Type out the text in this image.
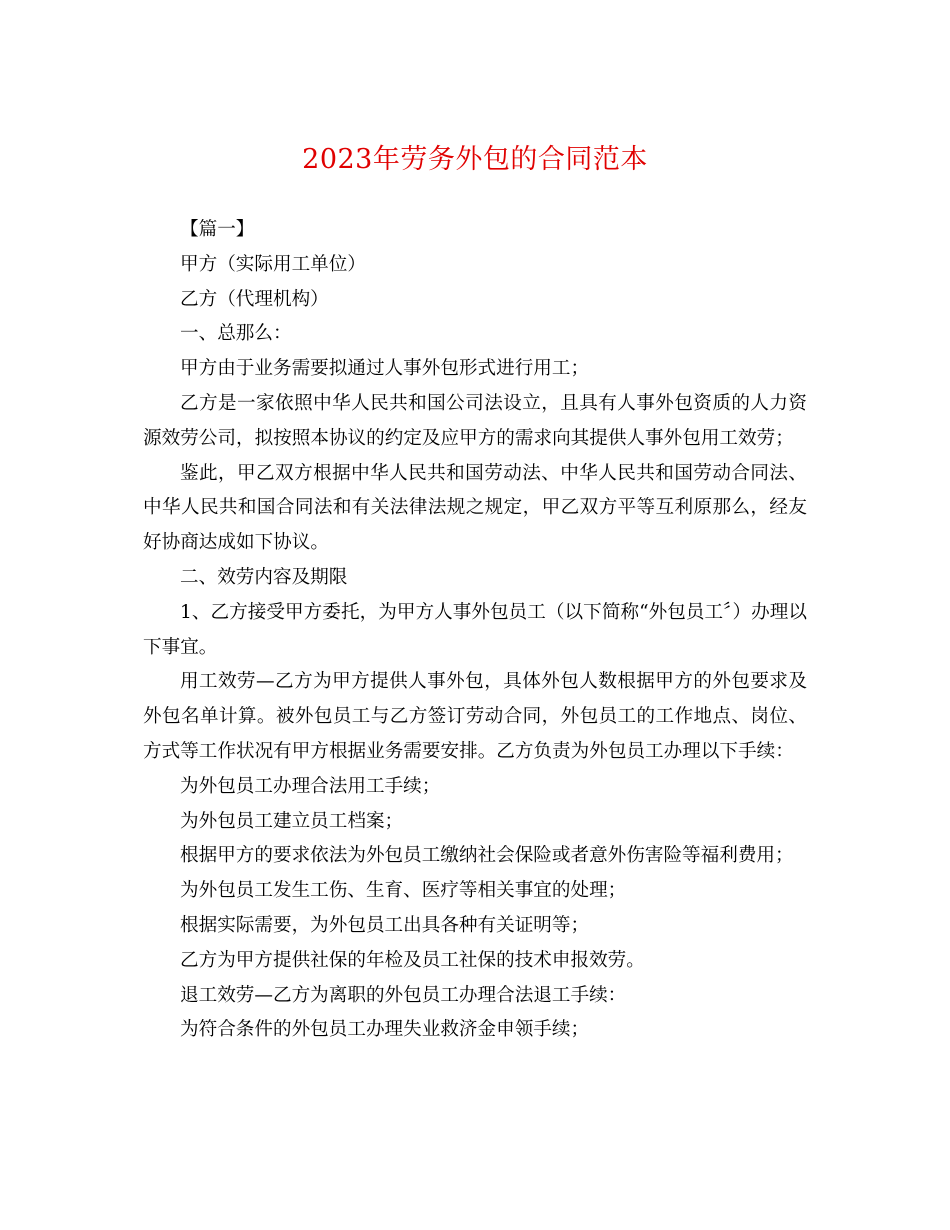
2023年劳务外包的合同范本

【篇一】

甲方（实际用工单位）

乙方（代理机构）

一、总那么：

甲方由于业务需要拟通过人事外包形式进行用工；

乙方是一家依照中华人民共和国公司法设立，且具有人事外包资质的人力资源效劳公司，拟按照本协议的约定及应甲方的需求向其提供人事外包用工效劳；

鉴此，甲乙双方根据中华人民共和国劳动法、中华人民共和国劳动合同法、中华人民共和国合同法和有关法律法规之规定，甲乙双方平等互利原那么，经友好协商达成如下协议。

二、效劳内容及期限

1、乙方接受甲方委托，为甲方人事外包员工（以下简称“外包员工〞）办理以下事宜。

用工效劳—乙方为甲方提供人事外包，具体外包人数根据甲方的外包要求及外包名单计算。被外包员工与乙方签订劳动合同，外包员工的工作地点、岗位、方式等工作状况有甲方根据业务需要安排。乙方负责为外包员工办理以下手续：

为外包员工办理合法用工手续；

为外包员工建立员工档案；

根据甲方的要求依法为外包员工缴纳社会保险或者意外伤害险等福利费用；

为外包员工发生工伤、生育、医疗等相关事宜的处理；

根据实际需要，为外包员工出具各种有关证明等；

乙方为甲方提供社保的年检及员工社保的技术申报效劳。

退工效劳—乙方为离职的外包员工办理合法退工手续：

为符合条件的外包员工办理失业救济金申领手续；
